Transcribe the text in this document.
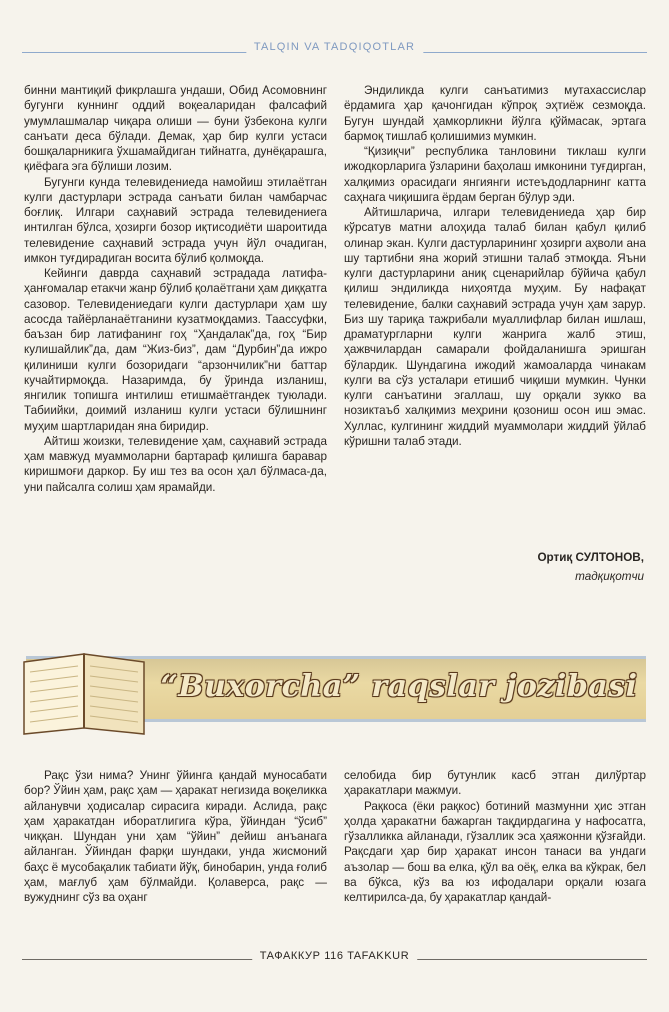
TALQIN VA TADQIQOTLAR

бинни мантиқий фикрлашга ундаши, Обид Асомовнинг бугунги куннинг оддий воқеаларидан фалсафий умумлашмалар чиқара олиши — буни ўзбекона кулги санъати деса бўлади. Демак, ҳар бир кулги устаси бошқаларникига ўхшамайдиган тийнатга, дунёқарашга, қиёфага эга бўлиши лозим.

Бугунги кунда телевидениеда намойиш этилаётган кулги дастурлари эстрада санъати билан чамбарчас боғлиқ. Илгари саҳнавий эстрада телевидениега интилган бўлса, ҳозирги бозор иқтисодиёти шароитида телевидение саҳнавий эстрада учун йўл очадиган, имкон туғдирадиган восита бўлиб қолмоқда.

Кейинги даврда саҳнавий эстрадада латифа-ҳанғомалар етакчи жанр бўлиб қолаётгани ҳам диққатга сазовор. Телевидениедаги кулги дастурлари ҳам шу асосда тайёрланаётганини кузатмоқдамиз. Таассуфки, баъзан бир латифанинг гоҳ “Ҳандалак”да, гоҳ “Бир кулишайлик”да, дам “Жиз-биз”, дам “Дурбин”да ижро қилиниши кулги бозоридаги “арзончилик”ни баттар кучайтирмоқда. Назаримда, бу ўринда изланиш, янгилик топишга интилиш етишмаётгандек туюлади. Табиийки, доимий изланиш кулги устаси бўлишнинг муҳим шартларидан яна биридир.

Айтиш жоизки, телевидение ҳам, саҳнавий эстрада ҳам мавжуд муаммоларни бартараф қилишга баравар киришмоғи даркор. Бу иш тез ва осон ҳал бўлмаса-да, уни пайсалга солиш ҳам ярамайди.

Эндиликда кулги санъатимиз мутахассислар ёрдамига ҳар қачонгидан кўпроқ эҳтиёж сезмоқда. Бугун шундай ҳамкорликни йўлга қўймасак, эртага бармоқ тишлаб қолишимиз мумкин.

“Қизиқчи” республика танловини тиклаш кулги ижодкорларига ўзларини баҳолаш имконини туғдирган, халқимиз орасидаги янгиянги истеъдодларнинг катта саҳнага чиқишига ёрдам берган бўлур эди.

Айтишларича, илгари телевидениеда ҳар бир кўрсатув матни алоҳида талаб билан қабул қилиб олинар экан. Кулги дастурларининг ҳозирги аҳволи ана шу тартибни яна жорий этишни талаб этмоқда. Яъни кулги дастурларини аниқ сценарийлар бўйича қабул қилиш эндиликда ниҳоятда муҳим. Бу нафақат телевидение, балки саҳнавий эстрада учун ҳам зарур. Биз шу тариқа тажрибали муаллифлар билан ишлаш, драматургларни кулги жанрига жалб этиш, ҳажвчилардан самарали фойдаланишга эришган бўлардик. Шундагина ижодий жамоаларда чинакам кулги ва сўз усталари етишиб чиқиши мумкин. Чунки кулги санъатини эгаллаш, шу орқали зукко ва нозиктаъб халқимиз меҳрини қозониш осон иш эмас. Хуллас, кулгининг жиддий муаммолари жиддий ўйлаб кўришни талаб этади.

Ортиқ СУЛТОНОВ,
тадқиқотчи
“Buxorcha” raqslar jozibasi

Рақс ўзи нима? Унинг ўйинга қандай муносабати бор? Ўйин ҳам, рақс ҳам — ҳаракат негизида воқеликка айланувчи ҳодисалар сирасига киради. Аслида, рақс ҳам ҳаракатдан иборатлигига кўра, ўйиндан “ўсиб” чиққан. Шундан уни ҳам “ўйин” дейиш анъанага айланган. Ўйиндан фарқи шундаки, унда жисмоний баҳс ё мусобақалик табиати йўқ, бинобарин, унда ғолиб ҳам, мағлуб ҳам бўлмайди. Қолаверса, рақс — вужуднинг сўз ва оҳанг

селобида бир бутунлик касб этган дилўртар ҳаракатлари мажмуи.

Рақкоса (ёки рақкос) ботиний мазмунни ҳис этган ҳолда ҳаракатни бажарган тақдирдагина у нафосатга, гўзалликка айланади, гўзаллик эса ҳаяжонни қўзғайди. Рақсдаги ҳар бир ҳаракат инсон танаси ва ундаги аъзолар — бош ва елка, қўл ва оёқ, елка ва кўкрак, бел ва бўкса, кўз ва юз ифодалари орқали юзага келтирилса-да, бу ҳаракатлар қандай-

ТАФАККУР 116 TAFAKKUR
